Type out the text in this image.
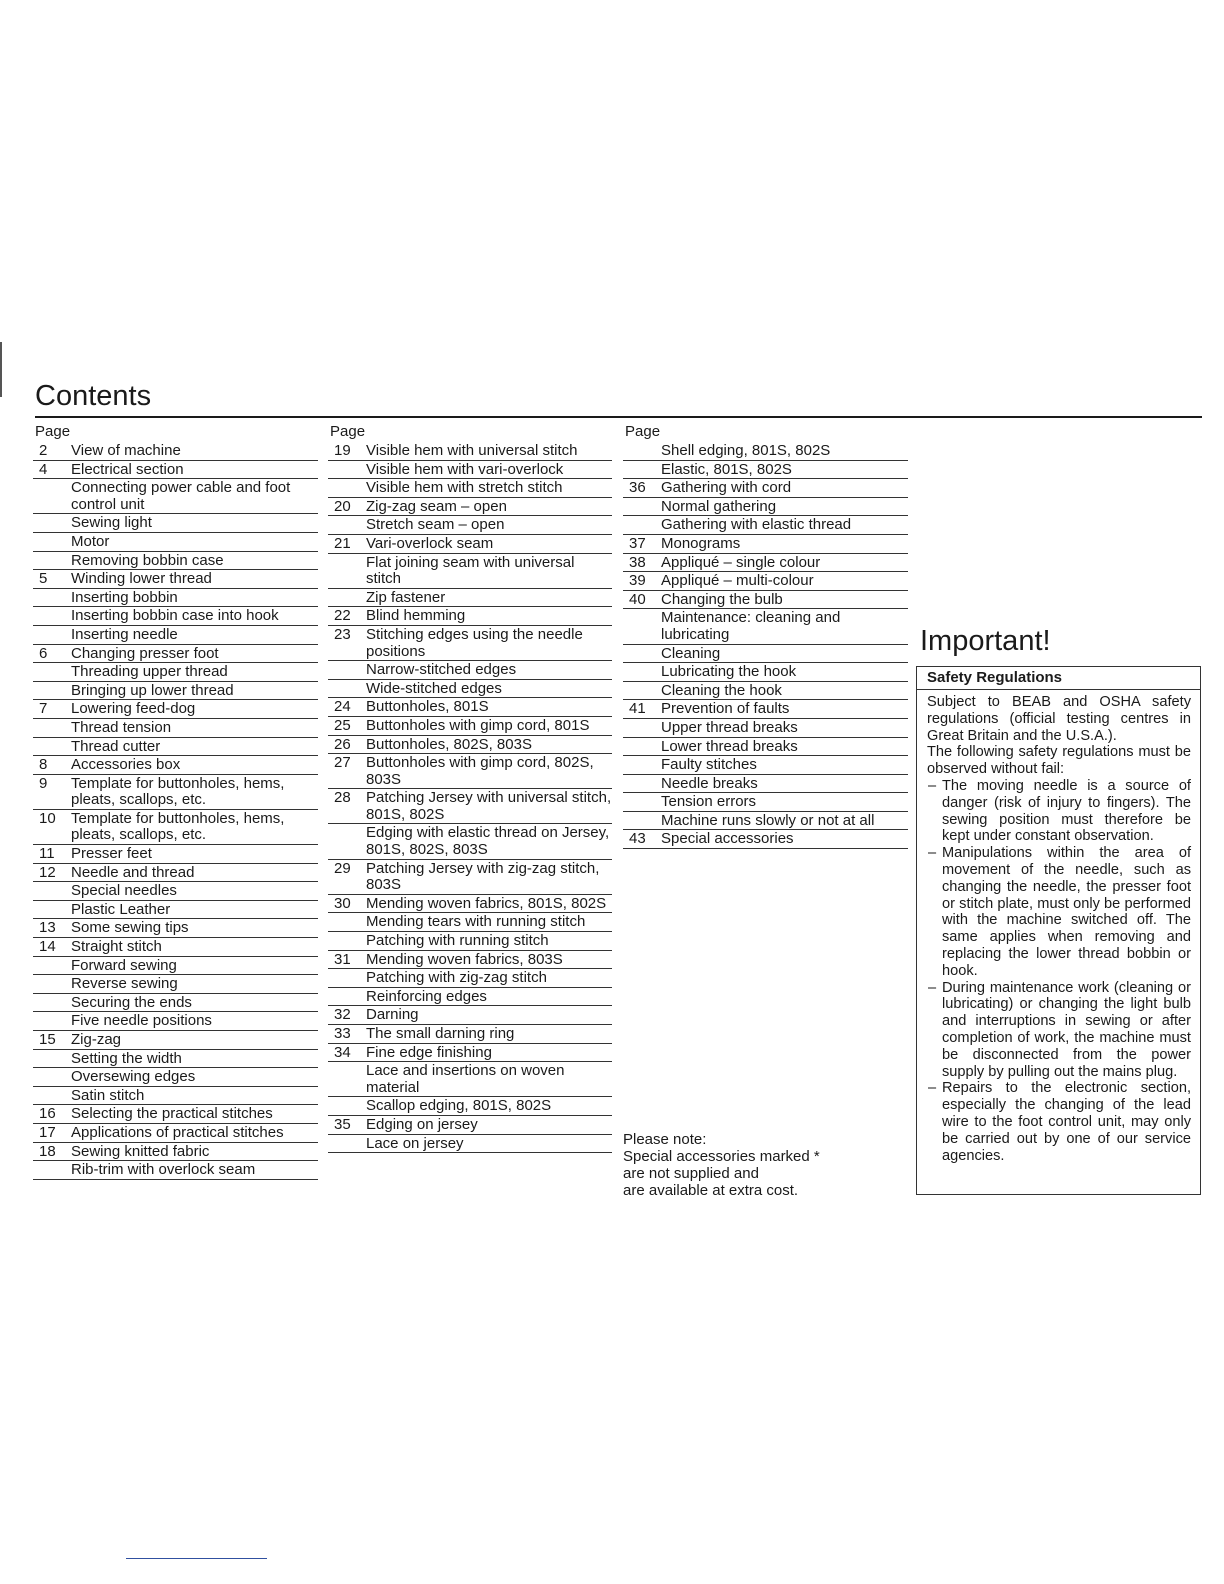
Contents
Page
2	View of machine
4	Electrical section
Connecting power cable and foot control unit
Sewing light
Motor
Removing bobbin case
5	Winding lower thread
Inserting bobbin
Inserting bobbin case into hook
Inserting needle
6	Changing presser foot
Threading upper thread
Bringing up lower thread
7	Lowering feed-dog
Thread tension
Thread cutter
8	Accessories box
9	Template for buttonholes, hems, pleats, scallops, etc.
10	Template for buttonholes, hems, pleats, scallops, etc.
11	Presser feet
12	Needle and thread
Special needles
Plastic Leather
13	Some sewing tips
14	Straight stitch
Forward sewing
Reverse sewing
Securing the ends
Five needle positions
15	Zig-zag
Setting the width
Oversewing edges
Satin stitch
16	Selecting the practical stitches
17	Applications of practical stitches
18	Sewing knitted fabric
Rib-trim with overlock seam
Page
19	Visible hem with universal stitch
Visible hem with vari-overlock
Visible hem with stretch stitch
20	Zig-zag seam – open
Stretch seam – open
21	Vari-overlock seam
Flat joining seam with universal stitch
Zip fastener
22	Blind hemming
23	Stitching edges using the needle positions
Narrow-stitched edges
Wide-stitched edges
24	Buttonholes, 801S
25	Buttonholes with gimp cord, 801S
26	Buttonholes, 802S, 803S
27	Buttonholes with gimp cord, 802S, 803S
28	Patching Jersey with universal stitch, 801S, 802S
Edging with elastic thread on Jersey, 801S, 802S, 803S
29	Patching Jersey with zig-zag stitch, 803S
30	Mending woven fabrics, 801S, 802S
Mending tears with running stitch
Patching with running stitch
31	Mending woven fabrics, 803S
Patching with zig-zag stitch
Reinforcing edges
32	Darning
33	The small darning ring
34	Fine edge finishing
Lace and insertions on woven material
Scallop edging, 801S, 802S
35	Edging on jersey
Lace on jersey
Page
Shell edging, 801S, 802S
Elastic, 801S, 802S
36	Gathering with cord
Normal gathering
Gathering with elastic thread
37	Monograms
38	Appliqué – single colour
39	Appliqué – multi-colour
40	Changing the bulb
Maintenance: cleaning and lubricating
Cleaning
Lubricating the hook
Cleaning the hook
41	Prevention of faults
Upper thread breaks
Lower thread breaks
Faulty stitches
Needle breaks
Tension errors
Machine runs slowly or not at all
43	Special accessories
Please note:
Special accessories marked *
are not supplied and
are available at extra cost.
Important!
Safety Regulations

Subject to BEAB and OSHA safety regulations (official testing centres in Great Britain and the U.S.A.).

The following safety regulations must be observed without fail:

– The moving needle is a source of danger (risk of injury to fingers). The sewing position must therefore be kept under constant observation.
– Manipulations within the area of movement of the needle, such as changing the needle, the presser foot or stitch plate, must only be performed with the machine switched off. The same applies when removing and replacing the lower thread bobbin or hook.
– During maintenance work (cleaning or lubricating) or changing the light bulb and interruptions in sewing or after completion of work, the machine must be disconnected from the power supply by pulling out the mains plug.
– Repairs to the electronic section, especially the changing of the lead wire to the foot control unit, may only be carried out by one of our service agencies.
